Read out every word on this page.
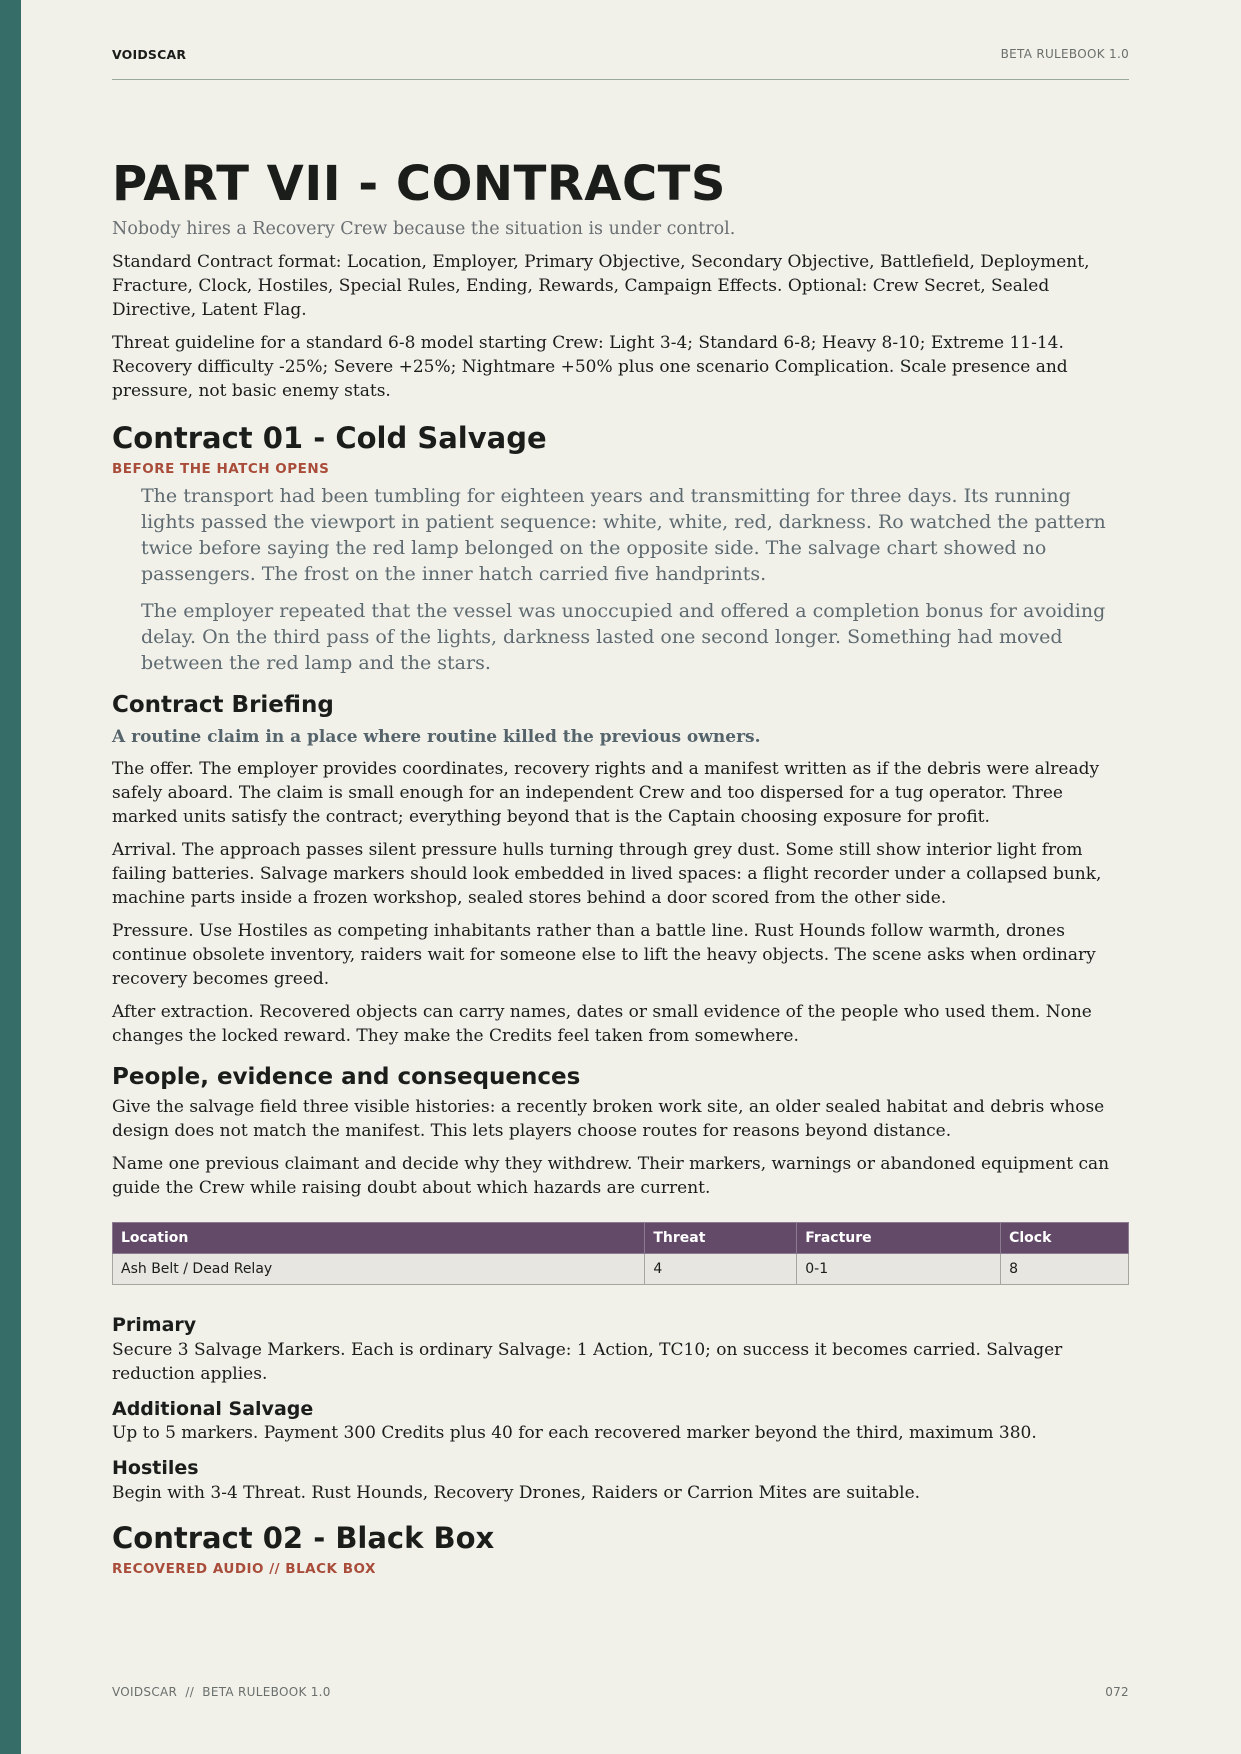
VOIDSCAR	BETA RULEBOOK 1.0
PART VII - CONTRACTS
Nobody hires a Recovery Crew because the situation is under control.

Standard Contract format: Location, Employer, Primary Objective, Secondary Objective, Battlefield, Deployment, Fracture, Clock, Hostiles, Special Rules, Ending, Rewards, Campaign Effects. Optional: Crew Secret, Sealed Directive, Latent Flag.

Threat guideline for a standard 6-8 model starting Crew: Light 3-4; Standard 6-8; Heavy 8-10; Extreme 11-14. Recovery difficulty -25%; Severe +25%; Nightmare +50% plus one scenario Complication. Scale presence and pressure, not basic enemy stats.

Contract 01 - Cold Salvage
BEFORE THE HATCH OPENS

The transport had been tumbling for eighteen years and transmitting for three days. Its running lights passed the viewport in patient sequence: white, white, red, darkness. Ro watched the pattern twice before saying the red lamp belonged on the opposite side. The salvage chart showed no passengers. The frost on the inner hatch carried five handprints.

The employer repeated that the vessel was unoccupied and offered a completion bonus for avoiding delay. On the third pass of the lights, darkness lasted one second longer. Something had moved between the red lamp and the stars.

Contract Briefing
A routine claim in a place where routine killed the previous owners.

The offer. The employer provides coordinates, recovery rights and a manifest written as if the debris were already safely aboard. The claim is small enough for an independent Crew and too dispersed for a tug operator. Three marked units satisfy the contract; everything beyond that is the Captain choosing exposure for profit.

Arrival. The approach passes silent pressure hulls turning through grey dust. Some still show interior light from failing batteries. Salvage markers should look embedded in lived spaces: a flight recorder under a collapsed bunk, machine parts inside a frozen workshop, sealed stores behind a door scored from the other side.

Pressure. Use Hostiles as competing inhabitants rather than a battle line. Rust Hounds follow warmth, drones continue obsolete inventory, raiders wait for someone else to lift the heavy objects. The scene asks when ordinary recovery becomes greed.

After extraction. Recovered objects can carry names, dates or small evidence of the people who used them. None changes the locked reward. They make the Credits feel taken from somewhere.

People, evidence and consequences

Give the salvage field three visible histories: a recently broken work site, an older sealed habitat and debris whose design does not match the manifest. This lets players choose routes for reasons beyond distance.

Name one previous claimant and decide why they withdrew. Their markers, warnings or abandoned equipment can guide the Crew while raising doubt about which hazards are current.

Location	Threat	Fracture	Clock
Ash Belt / Dead Relay	4	0-1	8
Primary

Secure 3 Salvage Markers. Each is ordinary Salvage: 1 Action, TC10; on success it becomes carried. Salvager reduction applies.

Additional Salvage

Up to 5 markers. Payment 300 Credits plus 40 for each recovered marker beyond the third, maximum 380.

Hostiles

Begin with 3-4 Threat. Rust Hounds, Recovery Drones, Raiders or Carrion Mites are suitable.

Contract 02 - Black Box
RECOVERED AUDIO // BLACK BOX
VOIDSCAR  //  BETA RULEBOOK 1.0	072
